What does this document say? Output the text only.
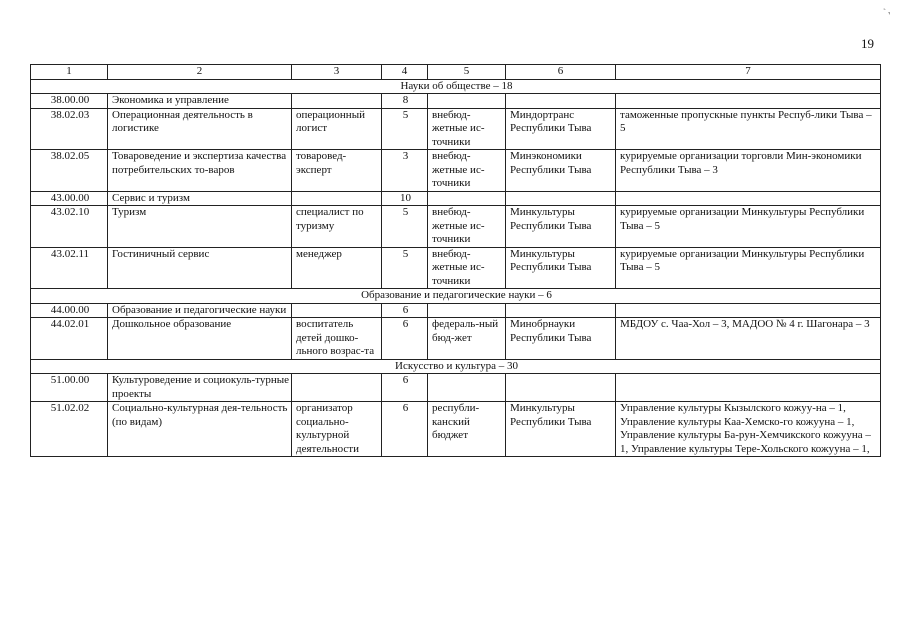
`,
19
1	2	3	4	5	6	7
Науки об обществе – 18						
38.00.00	Экономика и управление		8			
38.02.03	Операционная деятельность в логистике	операционный логист	5	внебюд-жетные ис-точники	Миндортранс Республики Тыва	таможенные пропускные пункты Респуб-лики Тыва – 5
38.02.05	Товароведение и экспертиза качества потребительских то-варов	товаровед-эксперт	3	внебюд-жетные ис-точники	Минэкономики Республики Тыва	курируемые организации торговли Мин-экономики Республики Тыва – 3
43.00.00	Сервис и туризм		10			
43.02.10	Туризм	специалист по туризму	5	внебюд-жетные ис-точники	Минкультуры Республики Тыва	курируемые организации Минкультуры Республики Тыва – 5
43.02.11	Гостиничный сервис	менеджер	5	внебюд-жетные ис-точники	Минкультуры Республики Тыва	курируемые организации Минкультуры Республики Тыва – 5
Образование и педагогические науки – 6						
44.00.00	Образование и педагогические науки		6			
44.02.01	Дошкольное образование	воспитатель детей дошко-льного возрас-та	6	федераль-ный бюд-жет	Минобрнауки Республики Тыва	МБДОУ с. Чаа-Хол – 3, МАДОО № 4 г. Шагонара – 3
Искусство и культура – 30						
51.00.00	Культуроведение и социокуль-турные проекты		6			
51.02.02	Социально-культурная дея-тельность (по видам)	организатор социально-культурной деятельности	6	республи-канский бюджет	Минкультуры Республики Тыва	Управление культуры Кызылского кожуу-на – 1, Управление культуры Каа-Хемско-го кожууна – 1, Управление культуры Ба-рун-Хемчикского кожууна – 1, Управление культуры Тере-Хольского кожууна – 1,
